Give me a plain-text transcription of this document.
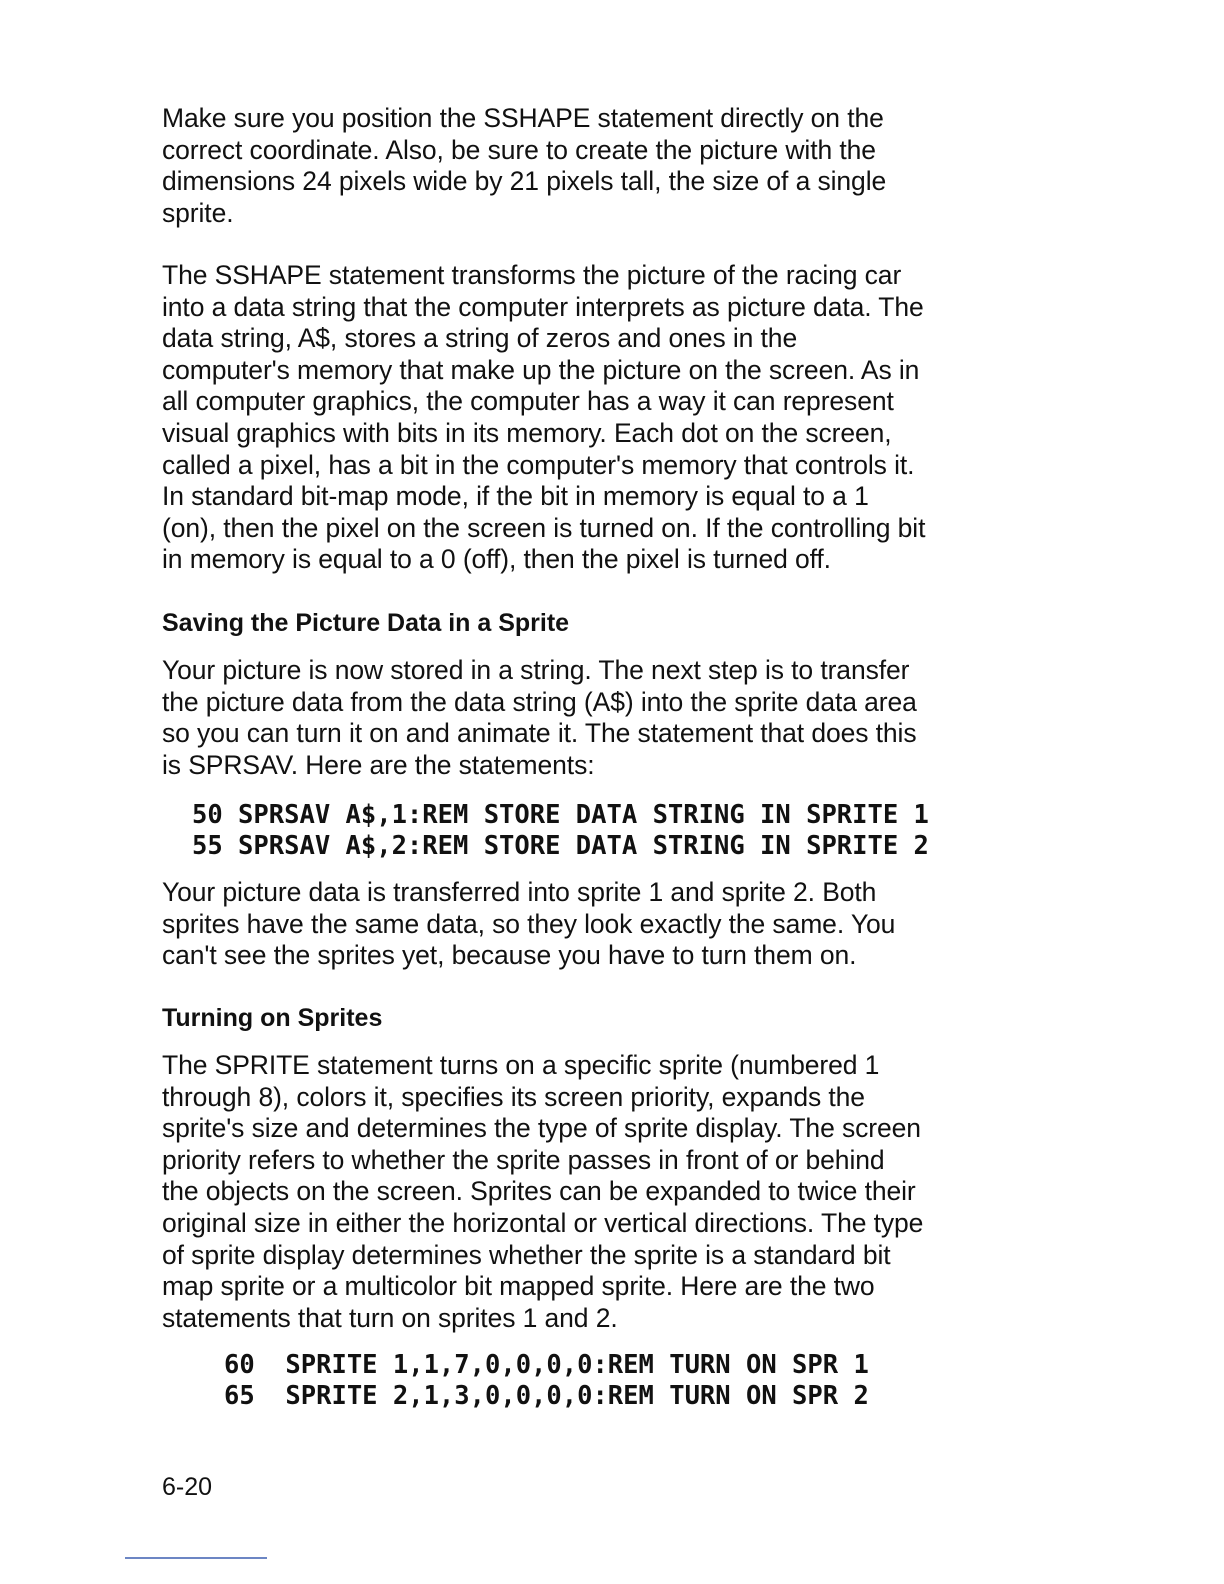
Make sure you position the SSHAPE statement directly on the
correct coordinate. Also, be sure to create the picture with the
dimensions 24 pixels wide by 21 pixels tall, the size of a single
sprite.

The SSHAPE statement transforms the picture of the racing car
into a data string that the computer interprets as picture data. The
data string, A$, stores a string of zeros and ones in the
computer's memory that make up the picture on the screen. As in
all computer graphics, the computer has a way it can represent
visual graphics with bits in its memory. Each dot on the screen,
called a pixel, has a bit in the computer's memory that controls it.
In standard bit-map mode, if the bit in memory is equal to a 1
(on), then the pixel on the screen is turned on. If the controlling bit
in memory is equal to a 0 (off), then the pixel is turned off.

Saving the Picture Data in a Sprite

Your picture is now stored in a string. The next step is to transfer
the picture data from the data string (A$) into the sprite data area
so you can turn it on and animate it. The statement that does this
is SPRSAV. Here are the statements:

50 SPRSAV A$,1:REM STORE DATA STRING IN SPRITE 1
55 SPRSAV A$,2:REM STORE DATA STRING IN SPRITE 2

Your picture data is transferred into sprite 1 and sprite 2. Both
sprites have the same data, so they look exactly the same. You
can't see the sprites yet, because you have to turn them on.

Turning on Sprites

The SPRITE statement turns on a specific sprite (numbered 1
through 8), colors it, specifies its screen priority, expands the
sprite's size and determines the type of sprite display. The screen
priority refers to whether the sprite passes in front of or behind
the objects on the screen. Sprites can be expanded to twice their
original size in either the horizontal or vertical directions. The type
of sprite display determines whether the sprite is a standard bit
map sprite or a multicolor bit mapped sprite. Here are the two
statements that turn on sprites 1 and 2.

60  SPRITE 1,1,7,0,0,0,0:REM TURN ON SPR 1
65  SPRITE 2,1,3,0,0,0,0:REM TURN ON SPR 2

6-20
